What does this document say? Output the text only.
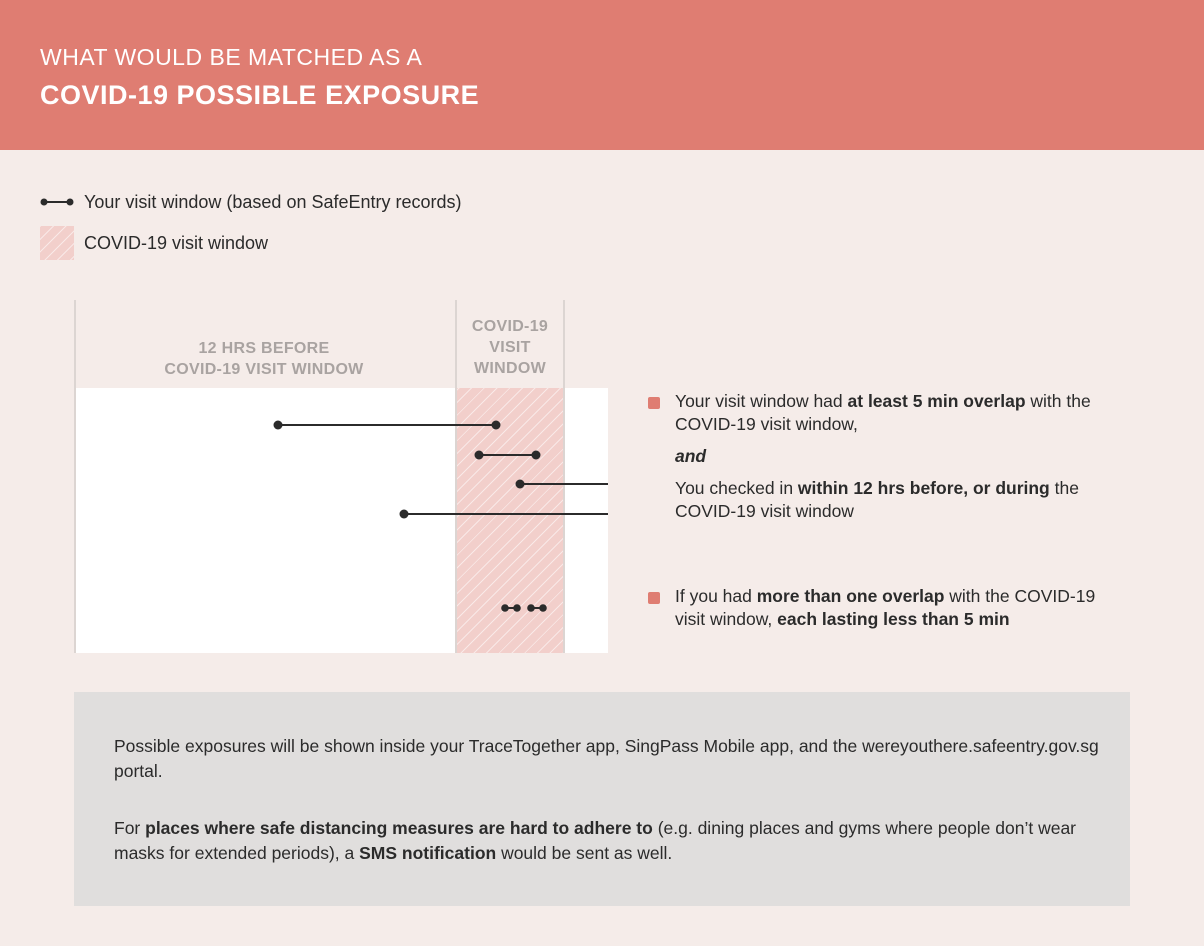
WHAT WOULD BE MATCHED AS A
COVID-19 POSSIBLE EXPOSURE
Your visit window (based on SafeEntry records)
COVID-19 visit window
12 HRS BEFORE
COVID-19 VISIT WINDOW
COVID-19
VISIT
WINDOW
Your visit window had at least 5 min overlap with the COVID-19 visit window,
and
You checked in within 12 hrs before, or during the COVID-19 visit window
If you had more than one overlap with the COVID-19 visit window, each lasting less than 5 min

Possible exposures will be shown inside your TraceTogether app, SingPass Mobile app, and the wereyouthere.safeentry.gov.sg portal.

For places where safe distancing measures are hard to adhere to (e.g. dining places and gyms where people don’t wear masks for extended periods), a SMS notification would be sent as well.
